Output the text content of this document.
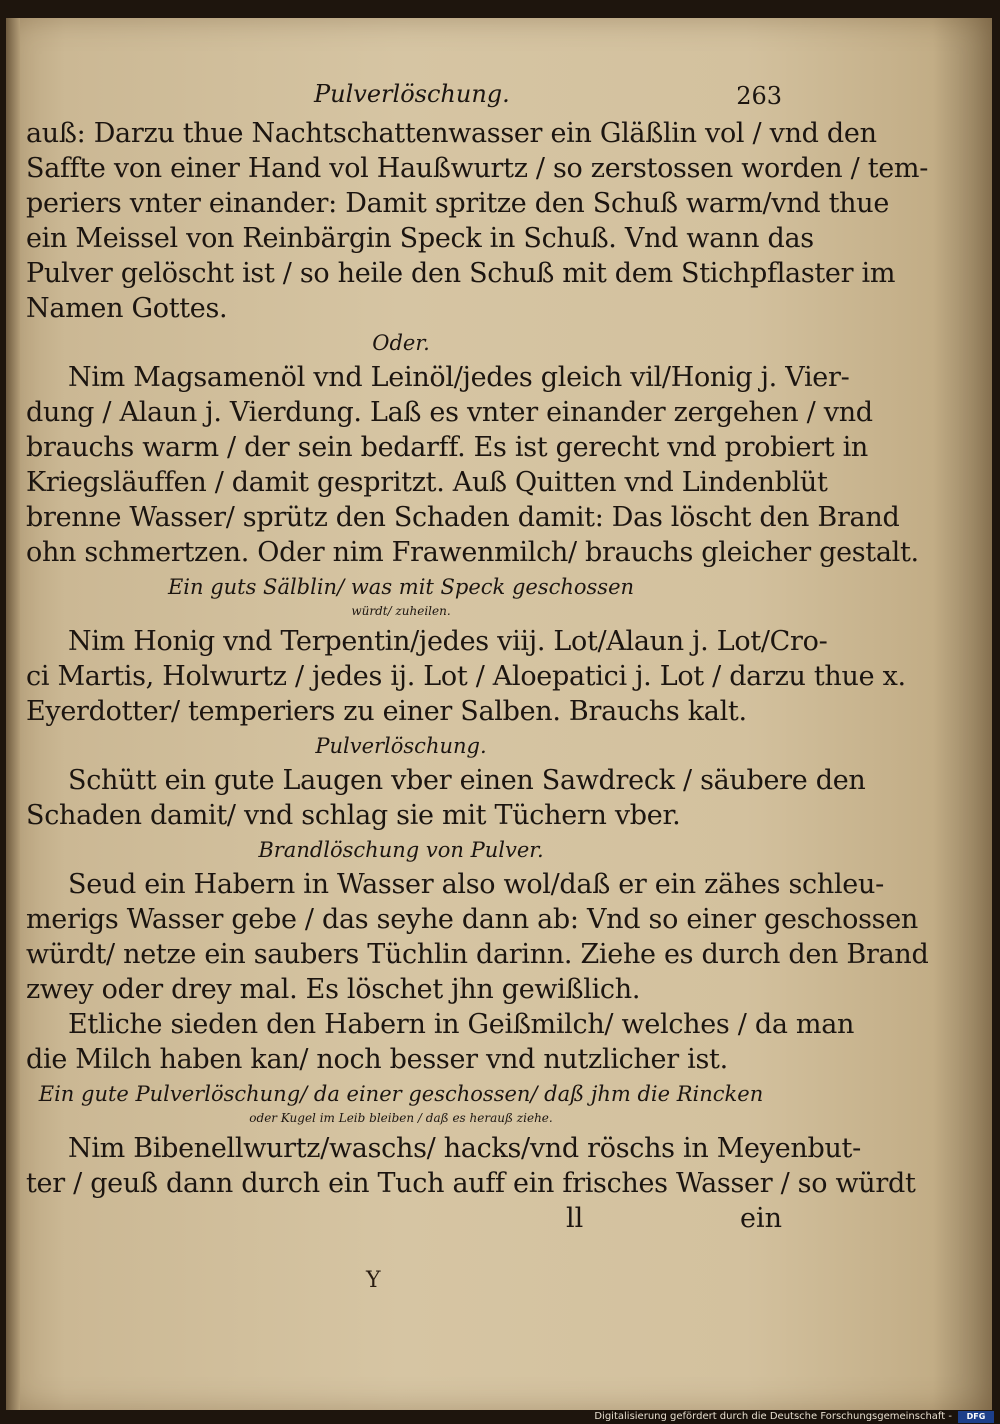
Pulverlöschung.	263
auß: Darzu thue Nachtschattenwasser ein Gläßlin vol / vnd den
Saffte von einer Hand vol Haußwurtz / so zerstossen worden / tem-
periers vnter einander: Damit spritze den Schuß warm/vnd thue
ein Meissel von Reinbärgin Speck in Schuß. Vnd wann das
Pulver gelöscht ist / so heile den Schuß mit dem Stichpflaster im
Namen Gottes.
Oder.
Nim Magsamenöl vnd Leinöl/jedes gleich vil/Honig j. Vier-
dung / Alaun j. Vierdung. Laß es vnter einander zergehen / vnd
brauchs warm / der sein bedarff. Es ist gerecht vnd probiert in
Kriegsläuffen / damit gespritzt. Auß Quitten vnd Lindenblüt
brenne Wasser/ sprütz den Schaden damit: Das löscht den Brand
ohn schmertzen. Oder nim Frawenmilch/ brauchs gleicher gestalt.
Ein guts Sälblin/ was mit Speck geschossen
würdt/ zuheilen.
Nim Honig vnd Terpentin/jedes viij. Lot/Alaun j. Lot/Cro-
ci Martis, Holwurtz / jedes ij. Lot / Aloepatici j. Lot / darzu thue x.
Eyerdotter/ temperiers zu einer Salben. Brauchs kalt.
Pulverlöschung.
Schütt ein gute Laugen vber einen Sawdreck / säubere den
Schaden damit/ vnd schlag sie mit Tüchern vber.
Brandlöschung von Pulver.
Seud ein Habern in Wasser also wol/daß er ein zähes schleu-
merigs Wasser gebe / das seyhe dann ab: Vnd so einer geschossen
würdt/ netze ein saubers Tüchlin darinn. Ziehe es durch den Brand
zwey oder drey mal. Es löschet jhn gewißlich.
Etliche sieden den Habern in Geißmilch/ welches / da man
die Milch haben kan/ noch besser vnd nutzlicher ist.
Ein gute Pulverlöschung/ da einer geschossen/ daß jhm die Rincken
oder Kugel im Leib bleiben / daß es herauß ziehe.
Nim Bibenellwurtz/waschs/ hacks/vnd röschs in Meyenbut-
ter / geuß dann durch ein Tuch auff ein frisches Wasser / so würdt
ll	ein
Y
Digitalisierung gefördert durch die Deutsche Forschungsgemeinschaft -	DFG
